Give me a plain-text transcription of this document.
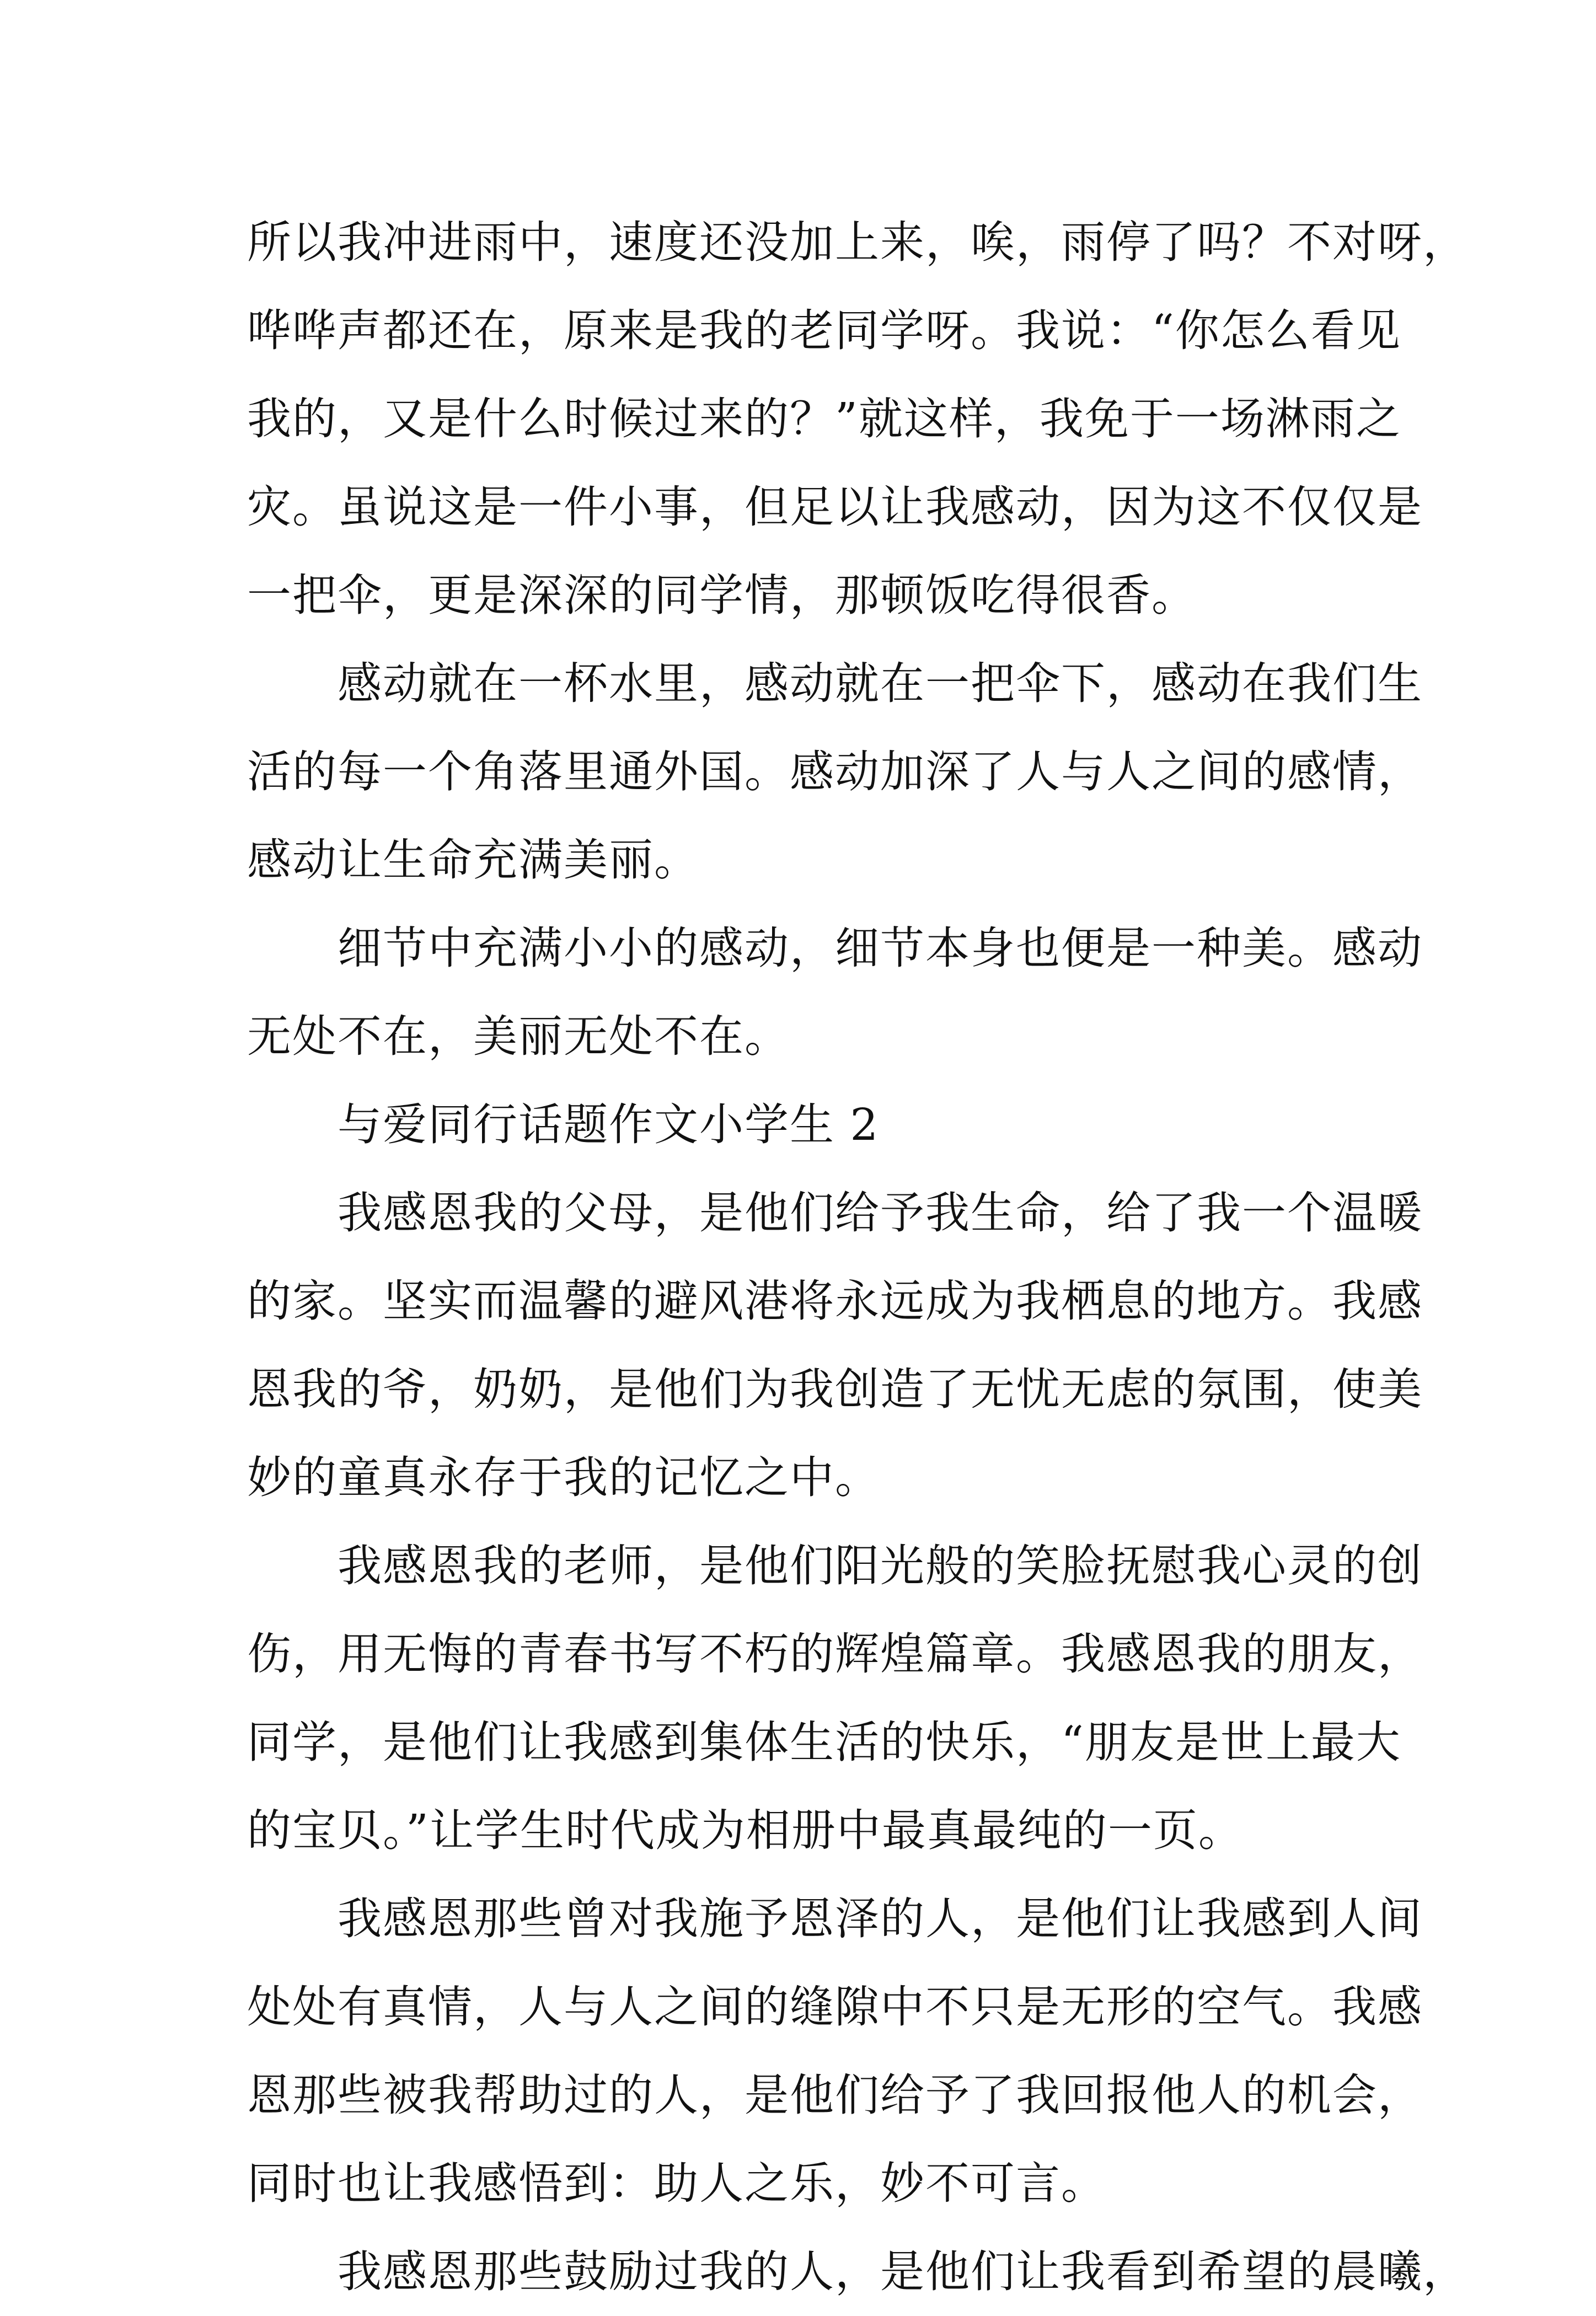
所以我冲进雨中，速度还没加上来，唉，雨停了吗？不对呀，
哗哗声都还在，原来是我的老同学呀。我说：“你怎么看见
我的，又是什么时候过来的？”就这样，我免于一场淋雨之
灾。虽说这是一件小事，但足以让我感动，因为这不仅仅是
一把伞，更是深深的同学情，那顿饭吃得很香。
感动就在一杯水里，感动就在一把伞下，感动在我们生
活的每一个角落里通外国。感动加深了人与人之间的感情，
感动让生命充满美丽。
细节中充满小小的感动，细节本身也便是一种美。感动
无处不在，美丽无处不在。
与爱同行话题作文小学生 2
我感恩我的父母，是他们给予我生命，给了我一个温暖
的家。坚实而温馨的避风港将永远成为我栖息的地方。我感
恩我的爷，奶奶，是他们为我创造了无忧无虑的氛围，使美
妙的童真永存于我的记忆之中。
我感恩我的老师，是他们阳光般的笑脸抚慰我心灵的创
伤，用无悔的青春书写不朽的辉煌篇章。我感恩我的朋友，
同学，是他们让我感到集体生活的快乐，“朋友是世上最大
的宝贝。”让学生时代成为相册中最真最纯的一页。
我感恩那些曾对我施予恩泽的人，是他们让我感到人间
处处有真情，人与人之间的缝隙中不只是无形的空气。我感
恩那些被我帮助过的人，是他们给予了我回报他人的机会，
同时也让我感悟到：助人之乐，妙不可言。
我感恩那些鼓励过我的人，是他们让我看到希望的晨曦，
